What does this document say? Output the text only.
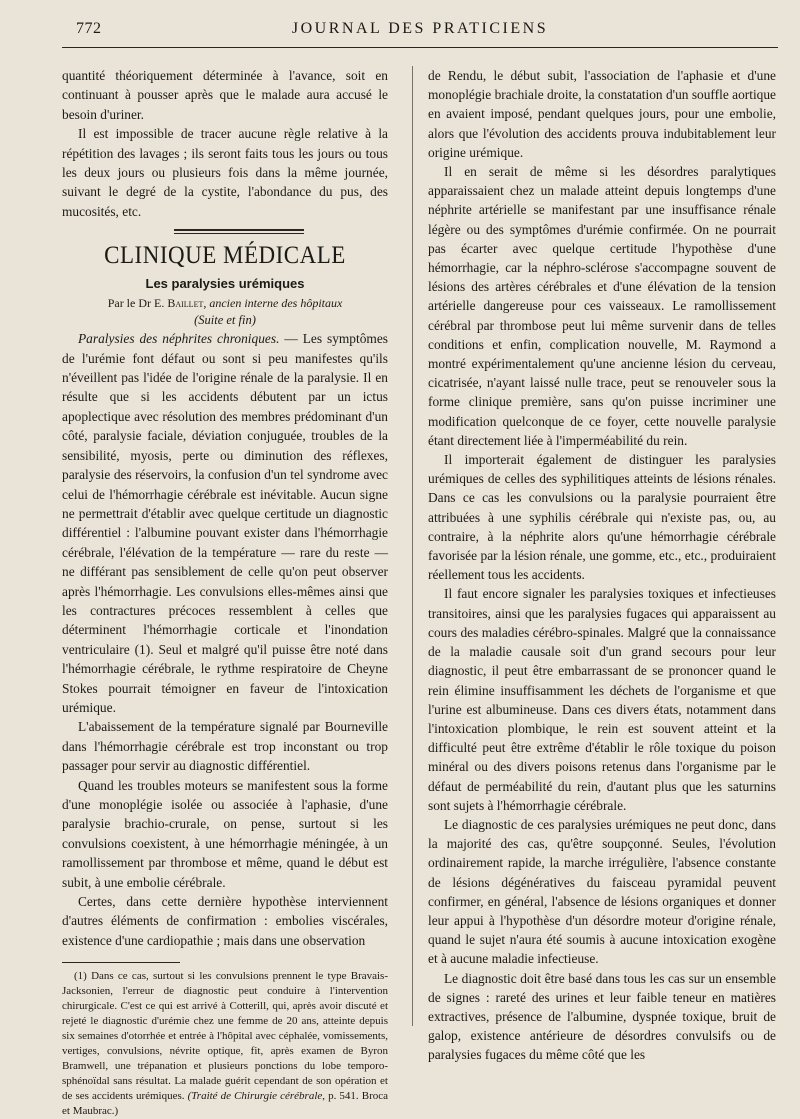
772	JOURNAL DES PRATICIENS

quantité théoriquement déterminée à l'avance, soit en continuant à pousser après que le malade aura accusé le besoin d'uriner.

Il est impossible de tracer aucune règle relative à la répétition des lavages ; ils seront faits tous les jours ou tous les deux jours ou plusieurs fois dans la même journée, suivant le degré de la cystite, l'abondance du pus, des mucosités, etc.

CLINIQUE MÉDICALE
Les paralysies urémiques
Par le Dr E. Baillet, ancien interne des hôpitaux
(Suite et fin)

Paralysies des néphrites chroniques. — Les symptômes de l'urémie font défaut ou sont si peu manifestes qu'ils n'éveillent pas l'idée de l'origine rénale de la paralysie. Il en résulte que si les accidents débutent par un ictus apoplectique avec résolution des membres prédominant d'un côté, paralysie faciale, déviation conjuguée, troubles de la sensibilité, myosis, perte ou diminution des réflexes, paralysie des réservoirs, la confusion d'un tel syndrome avec celui de l'hémorrhagie cérébrale est inévitable. Aucun signe ne permettrait d'établir avec quelque certitude un diagnostic différentiel : l'albumine pouvant exister dans l'hémorrhagie cérébrale, l'élévation de la température — rare du reste — ne différant pas sensiblement de celle qu'on peut observer après l'hémorrhagie. Les convulsions elles-mêmes ainsi que les contractures précoces ressemblent à celles que déterminent l'hémorrhagie corticale et l'inondation ventriculaire (1). Seul et malgré qu'il puisse être noté dans l'hémorrhagie cérébrale, le rythme respiratoire de Cheyne Stokes pourrait témoigner en faveur de l'intoxication urémique.

L'abaissement de la température signalé par Bourneville dans l'hémorrhagie cérébrale est trop inconstant ou trop passager pour servir au diagnostic différentiel.

Quand les troubles moteurs se manifestent sous la forme d'une monoplégie isolée ou associée à l'aphasie, d'une paralysie brachio-crurale, on pense, surtout si les convulsions coexistent, à une hémorrhagie méningée, à un ramollissement par thrombose et même, quand le début est subit, à une embolie cérébrale.

Certes, dans cette dernière hypothèse interviennent d'autres éléments de confirmation : embolies viscérales, existence d'une cardiopathie ; mais dans une observation

(1) Dans ce cas, surtout si les convulsions prennent le type Bravais-Jacksonien, l'erreur de diagnostic peut conduire à l'intervention chirurgicale. C'est ce qui est arrivé à Cotterill, qui, après avoir discuté et rejeté le diagnostic d'urémie chez une femme de 20 ans, atteinte depuis six semaines d'otorrhée et entrée à l'hôpital avec céphalée, vomissements, vertiges, convulsions, névrite optique, fit, après examen de Byron Bramwell, une trépanation et plusieurs ponctions du lobe temporo-sphénoïdal sans résultat. La malade guérit cependant de son opération et de ses accidents urémiques. (Traité de Chirurgie cérébrale, p. 541. Broca et Maubrac.)

de Rendu, le début subit, l'association de l'aphasie et d'une monoplégie brachiale droite, la constatation d'un souffle aortique en avaient imposé, pendant quelques jours, pour une embolie, alors que l'évolution des accidents prouva indubitablement leur origine urémique.

Il en serait de même si les désordres paralytiques apparaissaient chez un malade atteint depuis longtemps d'une néphrite artérielle se manifestant par une insuffisance rénale légère ou des symptômes d'urémie confirmée. On ne pourrait pas écarter avec quelque certitude l'hypothèse d'une hémorrhagie, car la néphro-sclérose s'accompagne souvent de lésions des artères cérébrales et d'une élévation de la tension artérielle dangereuse pour ces vaisseaux. Le ramollissement cérébral par thrombose peut lui même survenir dans de telles conditions et enfin, complication nouvelle, M. Raymond a montré expérimentalement qu'une ancienne lésion du cerveau, cicatrisée, n'ayant laissé nulle trace, peut se renouveler sous la forme clinique première, sans qu'on puisse incriminer une modification quelconque de ce foyer, cette nouvelle paralysie étant directement liée à l'imperméabilité du rein.

Il importerait également de distinguer les paralysies urémiques de celles des syphilitiques atteints de lésions rénales. Dans ce cas les convulsions ou la paralysie pourraient être attribuées à une syphilis cérébrale qui n'existe pas, ou, au contraire, à la néphrite alors qu'une hémorrhagie cérébrale favorisée par la lésion rénale, une gomme, etc., etc., produiraient réellement tous les accidents.

Il faut encore signaler les paralysies toxiques et infectieuses transitoires, ainsi que les paralysies fugaces qui apparaissent au cours des maladies cérébro-spinales. Malgré que la connaissance de la maladie causale soit d'un grand secours pour leur diagnostic, il peut être embarrassant de se prononcer quand le rein élimine insuffisamment les déchets de l'organisme et que l'urine est albumineuse. Dans ces divers états, notamment dans l'intoxication plombique, le rein est souvent atteint et la difficulté peut être extrême d'établir le rôle toxique du poison minéral ou des divers poisons retenus dans l'organisme par le défaut de perméabilité du rein, d'autant plus que les saturnins sont sujets à l'hémorrhagie cérébrale.

Le diagnostic de ces paralysies urémiques ne peut donc, dans la majorité des cas, qu'être soupçonné. Seules, l'évolution ordinairement rapide, la marche irrégulière, l'absence constante de lésions dégénératives du faisceau pyramidal peuvent confirmer, en général, l'absence de lésions organiques et donner leur appui à l'hypothèse d'un désordre moteur d'origine rénale, quand le sujet n'aura été soumis à aucune intoxication exogène et à aucune maladie infectieuse.

Le diagnostic doit être basé dans tous les cas sur un ensemble de signes : rareté des urines et leur faible teneur en matières extractives, présence de l'albumine, dyspnée toxique, bruit de galop, existence antérieure de désordres convulsifs ou de paralysies fugaces du même côté que les
